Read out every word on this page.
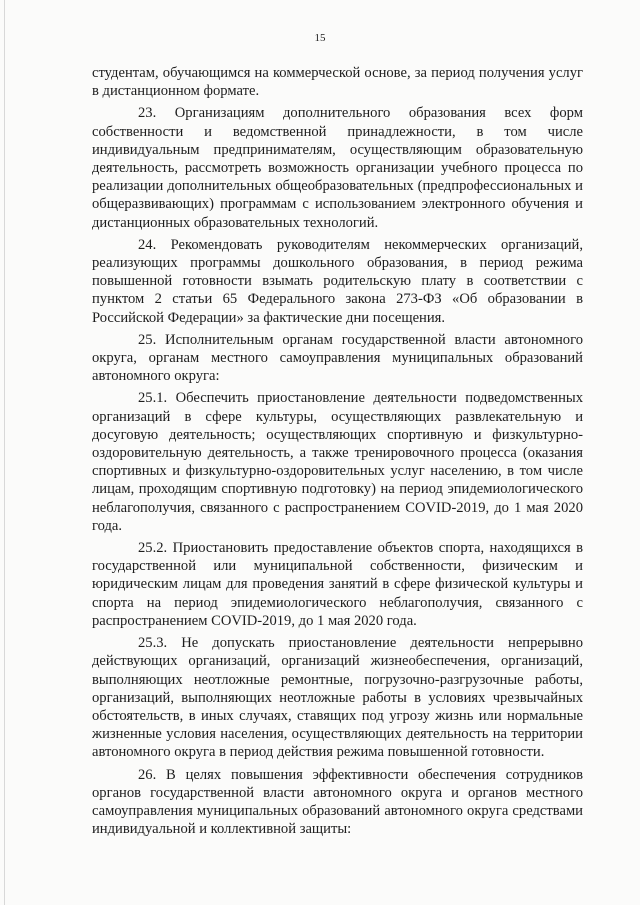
15

студентам, обучающимся на коммерческой основе, за период получения услуг в дистанционном формате.

23. Организациям дополнительного образования всех форм собственности и ведомственной принадлежности, в том числе индивидуальным предпринимателям, осуществляющим образовательную деятельность, рассмотреть возможность организации учебного процесса по реализации дополнительных общеобразовательных (предпрофессиональных и общеразвивающих) программам с использованием электронного обучения и дистанционных образовательных технологий.

24. Рекомендовать руководителям некоммерческих организаций, реализующих программы дошкольного образования, в период режима повышенной готовности взымать родительскую плату в соответствии с пунктом 2 статьи 65 Федерального закона 273-ФЗ «Об образовании в Российской Федерации» за фактические дни посещения.

25. Исполнительным органам государственной власти автономного округа, органам местного самоуправления муниципальных образований автономного округа:

25.1. Обеспечить приостановление деятельности подведомственных организаций в сфере культуры, осуществляющих развлекательную и досуговую деятельность; осуществляющих спортивную и физкультурно-оздоровительную деятельность, а также тренировочного процесса (оказания спортивных и физкультурно-оздоровительных услуг населению, в том числе лицам, проходящим спортивную подготовку) на период эпидемиологического неблагополучия, связанного с распространением COVID-2019, до 1 мая 2020 года.

25.2. Приостановить предоставление объектов спорта, находящихся в государственной или муниципальной собственности, физическим и юридическим лицам для проведения занятий в сфере физической культуры и спорта на период эпидемиологического неблагополучия, связанного с распространением COVID-2019, до 1 мая 2020 года.

25.3. Не допускать приостановление деятельности непрерывно действующих организаций, организаций жизнеобеспечения, организаций, выполняющих неотложные ремонтные, погрузочно-разгрузочные работы, организаций, выполняющих неотложные работы в условиях чрезвычайных обстоятельств, в иных случаях, ставящих под угрозу жизнь или нормальные жизненные условия населения, осуществляющих деятельность на территории автономного округа в период действия режима повышенной готовности.

26. В целях повышения эффективности обеспечения сотрудников органов государственной власти автономного округа и органов местного самоуправления муниципальных образований автономного округа средствами индивидуальной и коллективной защиты:
